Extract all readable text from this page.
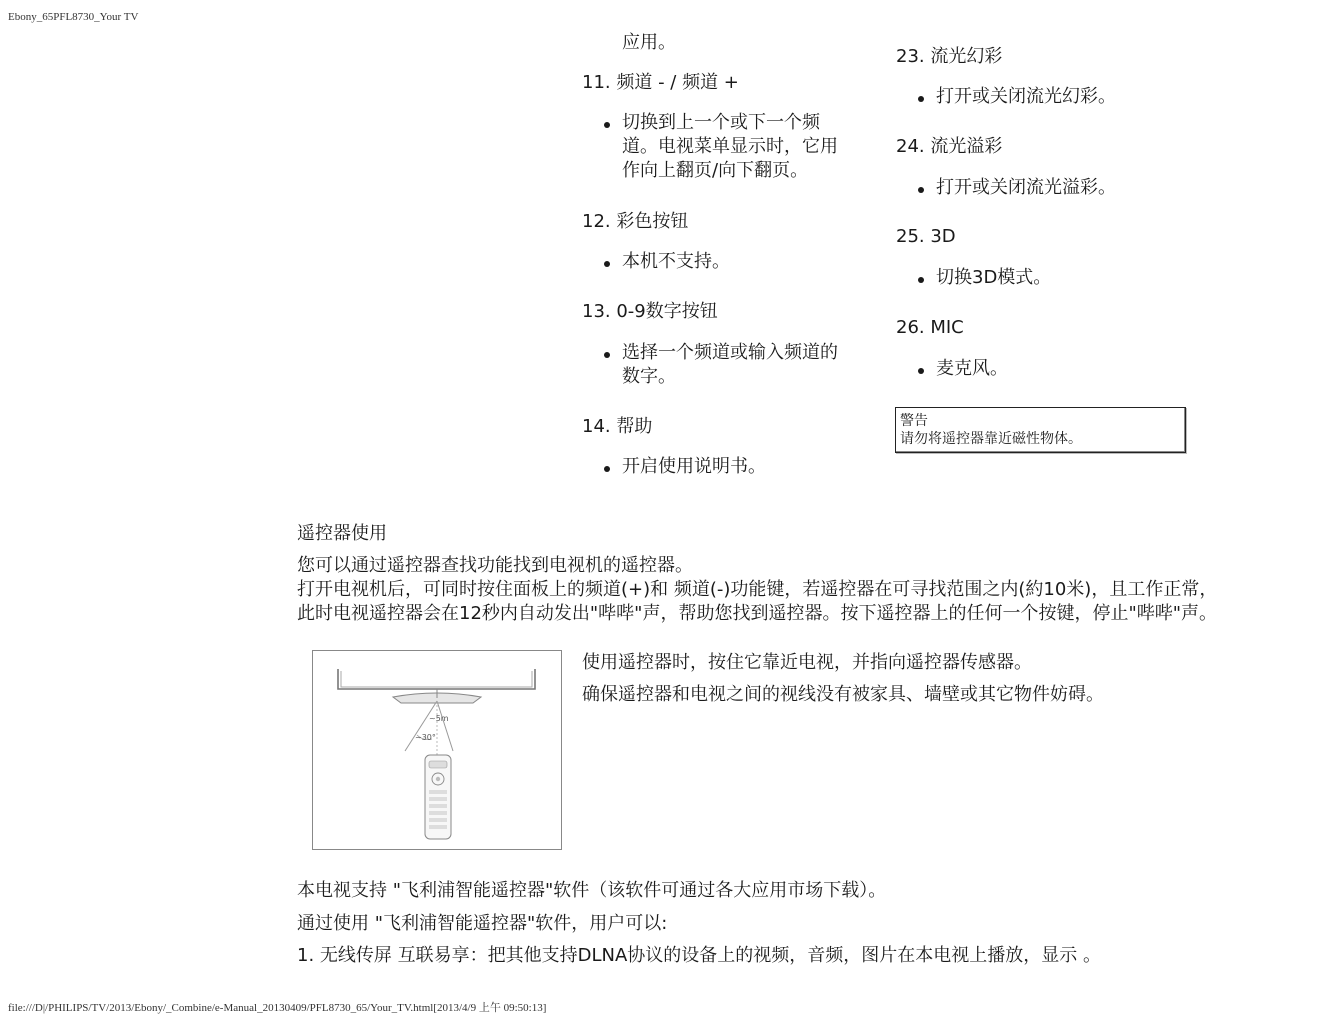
Ebony_65PFL8730_Your TV
应用。
11. 频道 - / 频道 +
切换到上一个或下一个频
道。电视菜单显示时，它用
作向上翻页/向下翻页。
12. 彩色按钮
本机不支持。
13. 0-9数字按钮
选择一个频道或输入频道的
数字。
14. 帮助
开启使用说明书。
23. 流光幻彩
打开或关闭流光幻彩。
24. 流光溢彩
打开或关闭流光溢彩。
25. 3D
切换3D模式。
26. MIC
麦克风。
警告
请勿将遥控器靠近磁性物体。
遥控器使用
您可以通过遥控器查找功能找到电视机的遥控器。
打开电视机后，可同时按住面板上的频道(+)和 频道(-)功能键，若遥控器在可寻找范围之内(約10米)，且工作正常，
此时电视遥控器会在12秒内自动发出"哔哔"声，帮助您找到遥控器。按下遥控器上的任何一个按键，停止"哔哔"声。
~5m
~30°
使用遥控器时，按住它靠近电视，并指向遥控器传感器。
确保遥控器和电视之间的视线没有被家具、墙壁或其它物件妨碍。
本电视支持 "飞利浦智能遥控器"软件（该软件可通过各大应用市场下载）。
通过使用 "飞利浦智能遥控器"软件，用户可以:
1. 无线传屏 互联易享：把其他支持DLNA协议的设备上的视频，音频，图片在本电视上播放，显示 。
file:///D|/PHILIPS/TV/2013/Ebony/_Combine/e-Manual_20130409/PFL8730_65/Your_TV.html[2013/4/9 上午 09:50:13]
